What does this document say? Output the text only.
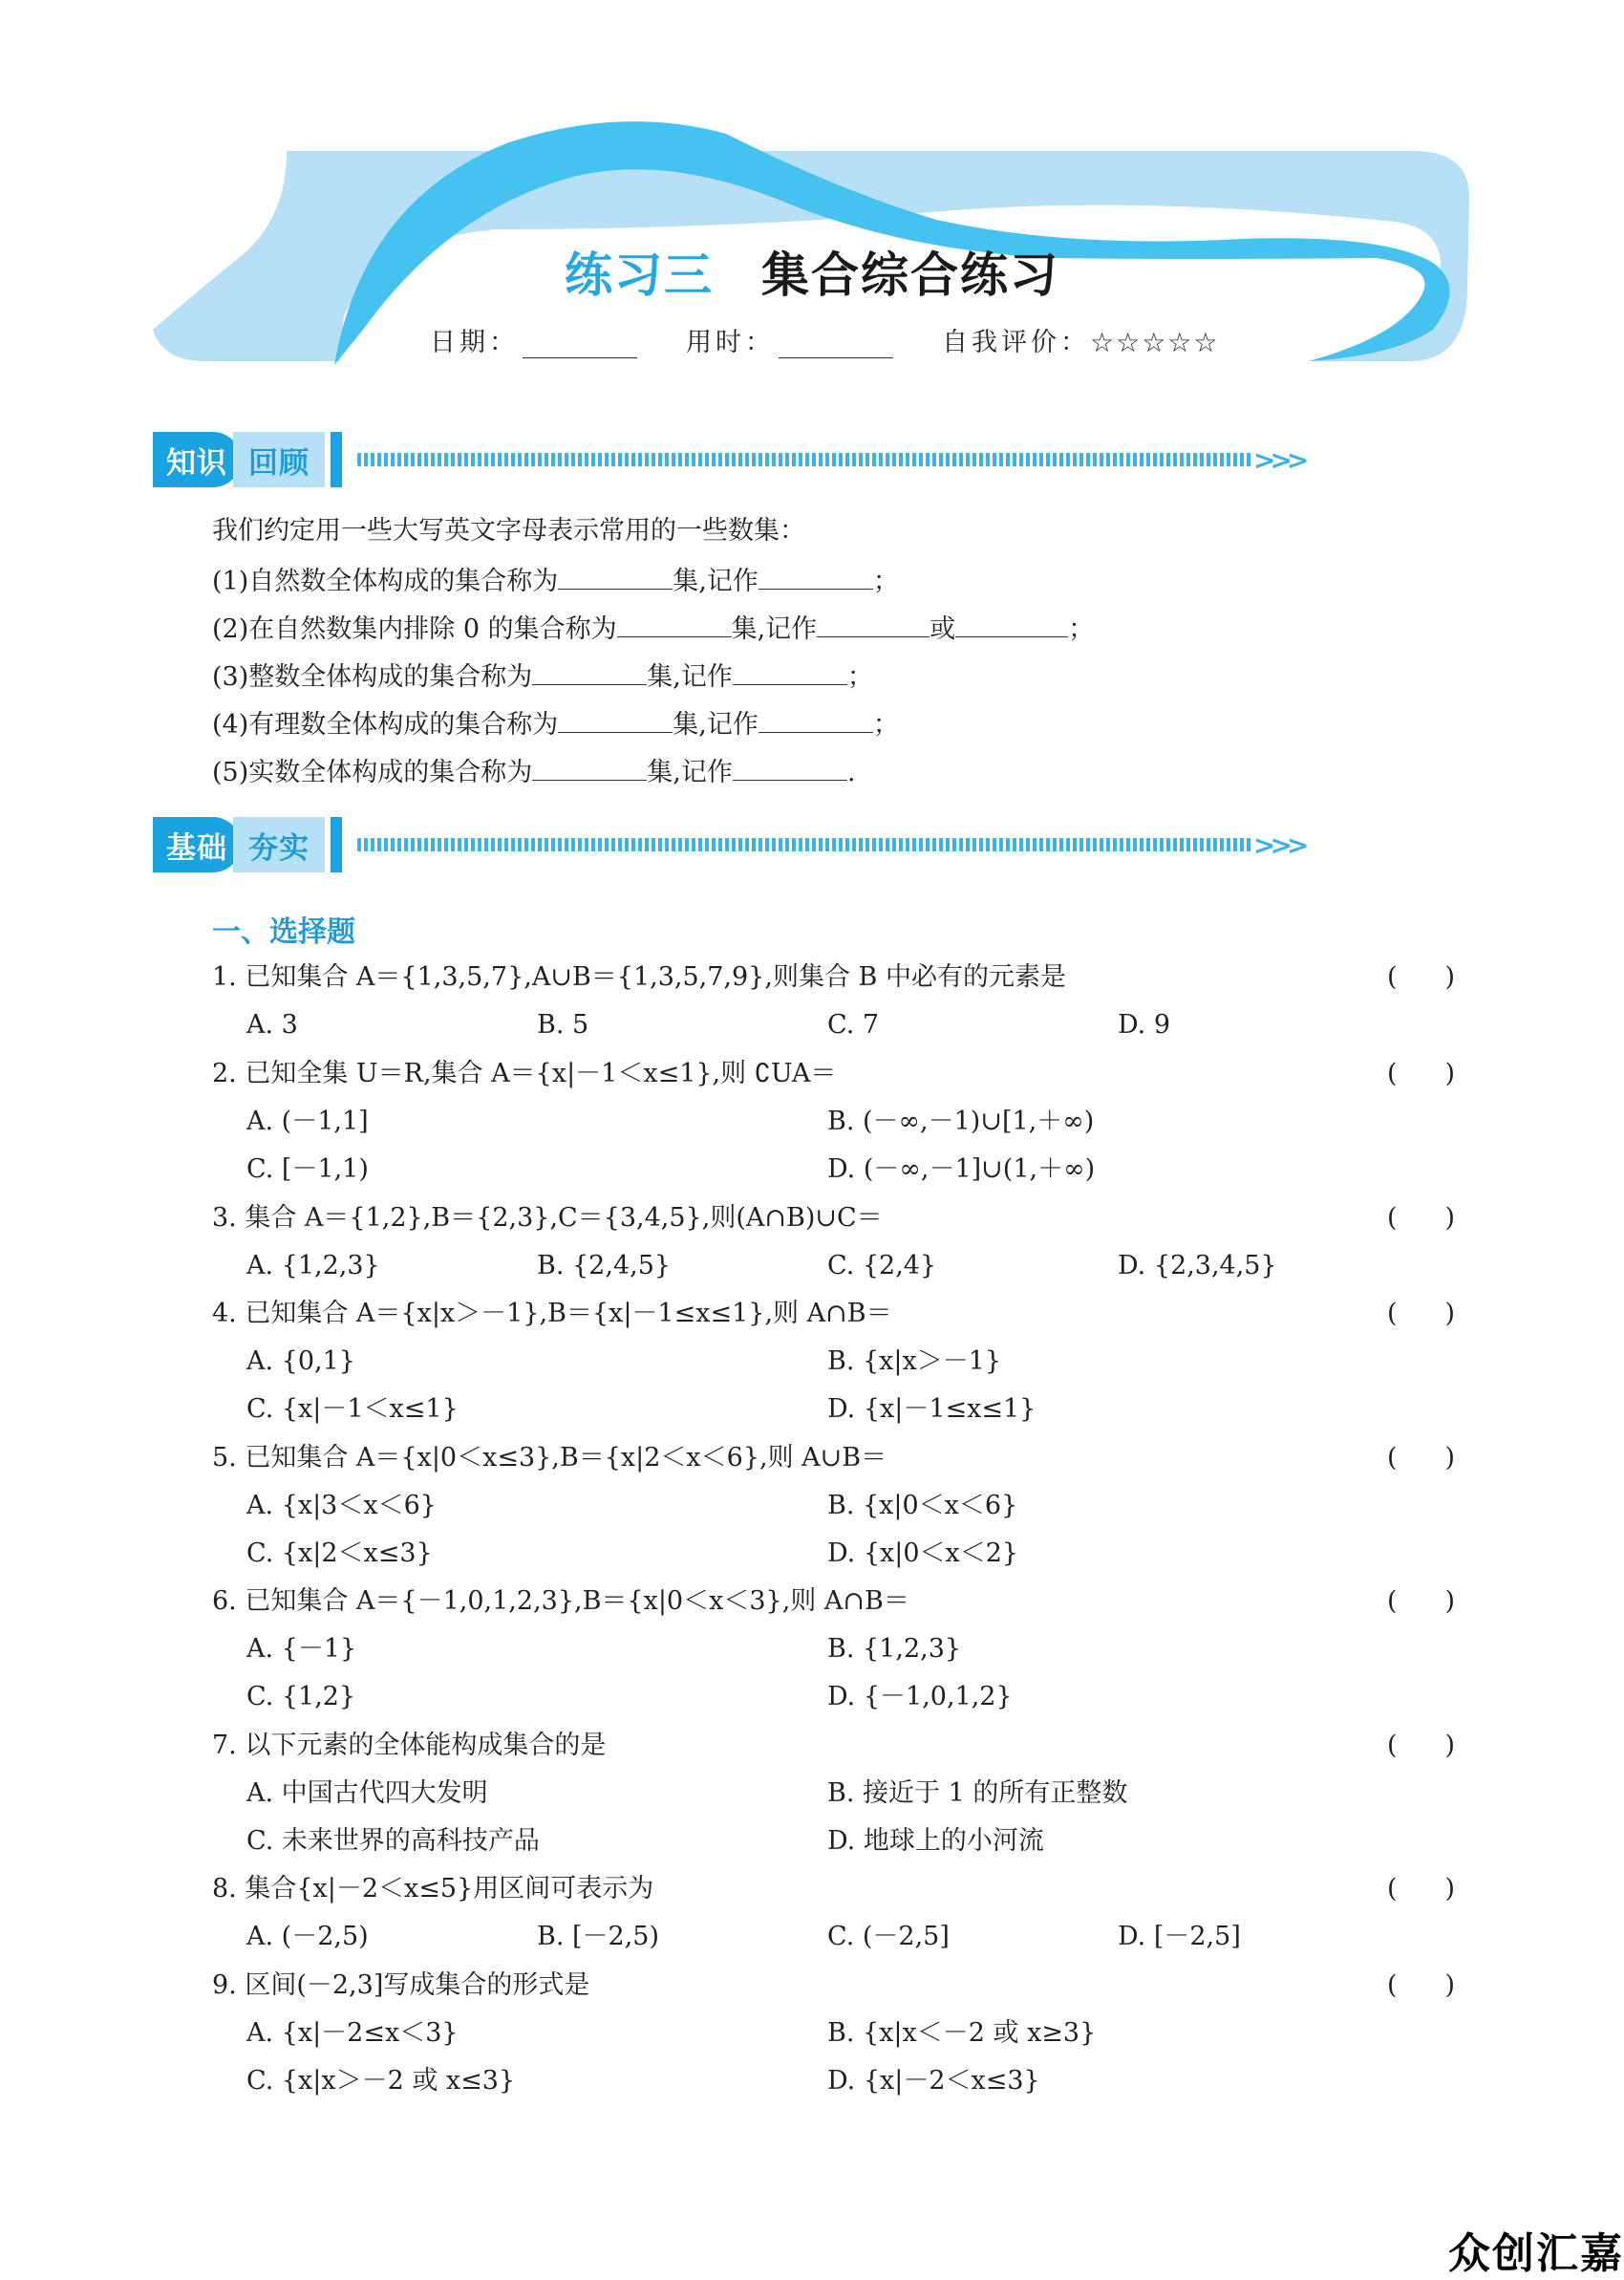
练习三 集合综合练习
日期：	用时：	自我评价： ☆☆☆☆☆
知识 回顾	>>>
我们约定用一些大写英文字母表示常用的一些数集：
(1)自然数全体构成的集合称为	集,记作	；
(2)在自然数集内排除 0 的集合称为	集,记作	或	；
(3)整数全体构成的集合称为	集,记作	；
(4)有理数全体构成的集合称为	集,记作	；
(5)实数全体构成的集合称为	集,记作	.
基础 夯实	>>>
一、选择题
1. 已知集合 A＝{1,3,5,7},A∪B＝{1,3,5,7,9},则集合 B 中必有的元素是	( )
A. 3	B. 5	C. 7	D. 9
2. 已知全集 U＝R,集合 A＝{x|－1＜x≤1},则 ∁UA＝	( )
A. (－1,1]	B. (－∞,－1)∪[1,＋∞)
C. [－1,1)	D. (－∞,－1]∪(1,＋∞)
3. 集合 A＝{1,2},B＝{2,3},C＝{3,4,5},则(A∩B)∪C＝	( )
A. {1,2,3}	B. {2,4,5}	C. {2,4}	D. {2,3,4,5}
4. 已知集合 A＝{x|x＞－1},B＝{x|－1≤x≤1},则 A∩B＝	( )
A. {0,1}	B. {x|x＞－1}
C. {x|－1＜x≤1}	D. {x|－1≤x≤1}
5. 已知集合 A＝{x|0＜x≤3},B＝{x|2＜x＜6},则 A∪B＝	( )
A. {x|3＜x＜6}	B. {x|0＜x＜6}
C. {x|2＜x≤3}	D. {x|0＜x＜2}
6. 已知集合 A＝{－1,0,1,2,3},B＝{x|0＜x＜3},则 A∩B＝	( )
A. {－1}	B. {1,2,3}
C. {1,2}	D. {－1,0,1,2}
7. 以下元素的全体能构成集合的是	( )
A. 中国古代四大发明	B. 接近于 1 的所有正整数
C. 未来世界的高科技产品	D. 地球上的小河流
8. 集合{x|－2＜x≤5}用区间可表示为	( )
A. (－2,5)	B. [－2,5)	C. (－2,5]	D. [－2,5]
9. 区间(－2,3]写成集合的形式是	( )
A. {x|－2≤x＜3}	B. {x|x＜－2 或 x≥3}
C. {x|x＞－2 或 x≤3}	D. {x|－2＜x≤3}
众创汇嘉
